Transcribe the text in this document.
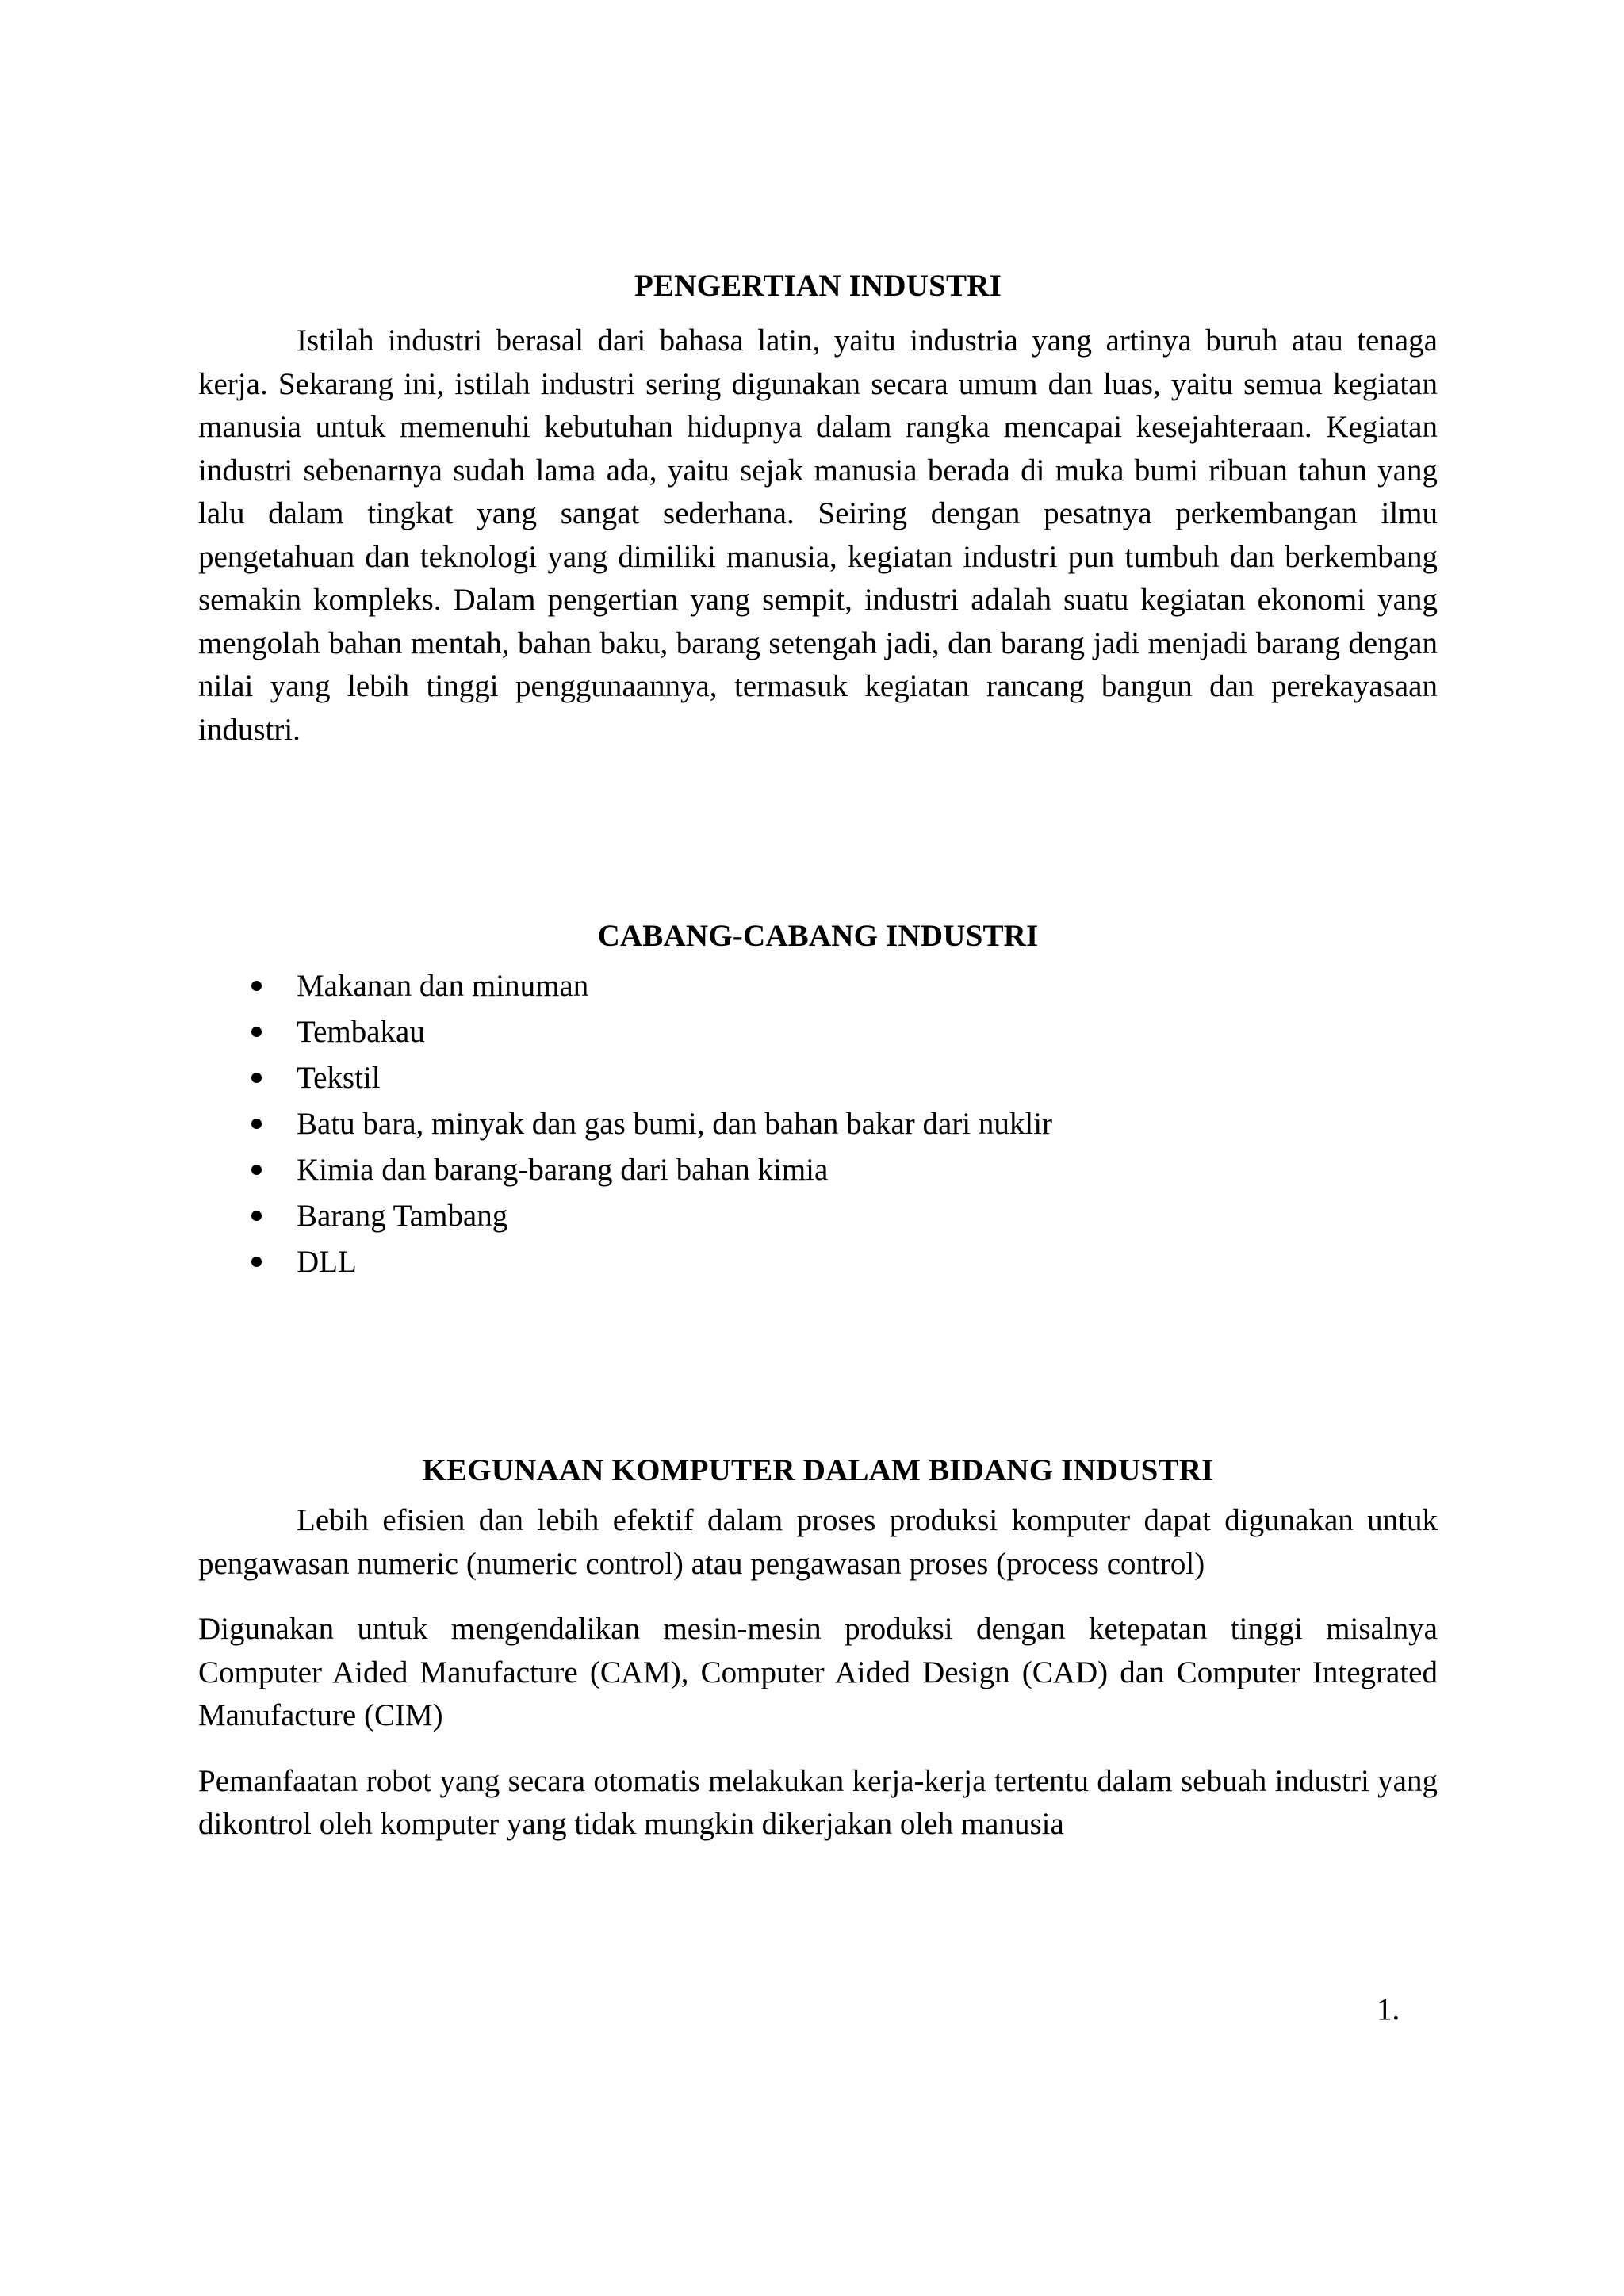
PENGERTIAN INDUSTRI

Istilah industri berasal dari bahasa latin, yaitu industria yang artinya buruh atau tenaga kerja. Sekarang ini, istilah industri sering digunakan secara umum dan luas, yaitu semua kegiatan manusia untuk memenuhi kebutuhan hidupnya dalam rangka mencapai kesejahteraan. Kegiatan industri sebenarnya sudah lama ada, yaitu sejak manusia berada di muka bumi ribuan tahun yang lalu dalam tingkat yang sangat sederhana. Seiring dengan pesatnya perkembangan ilmu pengetahuan dan teknologi yang dimiliki manusia, kegiatan industri pun tumbuh dan berkembang semakin kompleks. Dalam pengertian yang sempit, industri adalah suatu kegiatan ekonomi yang mengolah bahan mentah, bahan baku, barang setengah jadi, dan barang jadi menjadi barang dengan nilai yang lebih tinggi penggunaannya, termasuk kegiatan rancang bangun dan perekayasaan industri.

CABANG-CABANG INDUSTRI
Makanan dan minuman
Tembakau
Tekstil
Batu bara, minyak dan gas bumi, dan bahan bakar dari nuklir
Kimia dan barang-barang dari bahan kimia
Barang Tambang
DLL
KEGUNAAN KOMPUTER DALAM BIDANG INDUSTRI

Lebih efisien dan lebih efektif dalam proses produksi komputer dapat digunakan untuk pengawasan numeric (numeric control) atau pengawasan proses (process control)

Digunakan untuk mengendalikan mesin-mesin produksi dengan ketepatan tinggi misalnya Computer Aided Manufacture (CAM), Computer Aided Design (CAD) dan Computer Integrated Manufacture (CIM)

Pemanfaatan robot yang secara otomatis melakukan kerja-kerja tertentu dalam sebuah industri yang dikontrol oleh komputer yang tidak mungkin dikerjakan oleh manusia

1.
